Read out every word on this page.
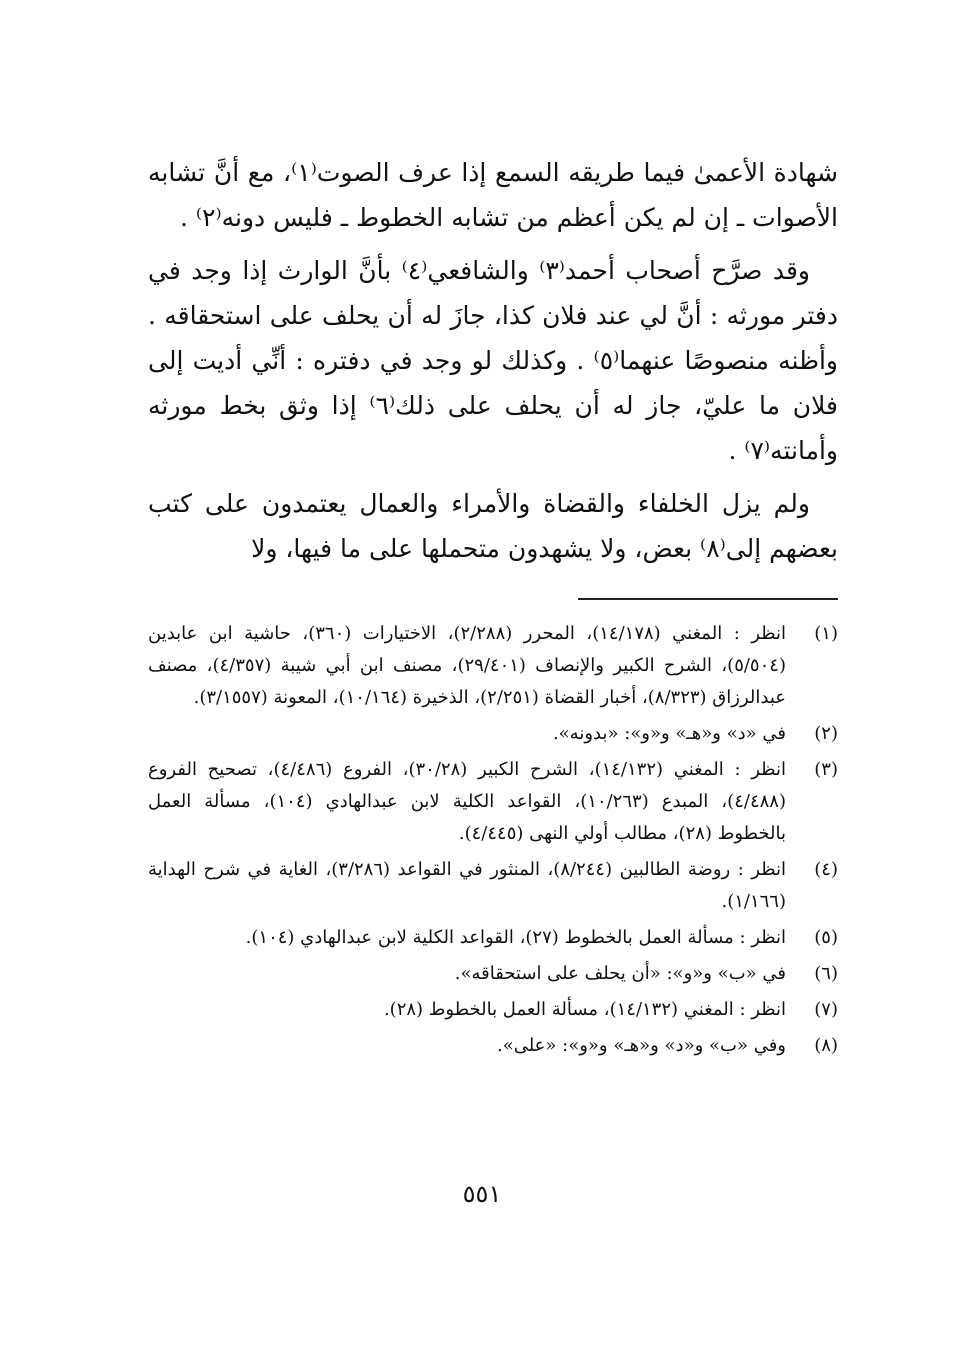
شهادة الأعمىٰ فيما طريقه السمع إذا عرف الصوت⁽١⁾، مع أنَّ تشابه الأصوات ـ إن لم يكن أعظم من تشابه الخطوط ـ فليس دونه⁽٢⁾ .

وقد صرَّح أصحاب أحمد⁽٣⁾ والشافعي⁽٤⁾ بأنَّ الوارث إذا وجد في دفتر مورثه : أنَّ لي عند فلان كذا، جازَ له أن يحلف على استحقاقه . وأظنه منصوصًا عنهما⁽٥⁾ . وكذلك لو وجد في دفتره : أنِّي أديت إلى فلان ما عليّ، جاز له أن يحلف على ذلك⁽٦⁾ إذا وثق بخط مورثه وأمانته⁽٧⁾ .

ولم يزل الخلفاء والقضاة والأمراء والعمال يعتمدون على كتب بعضهم إلى⁽٨⁾ بعض، ولا يشهدون متحملها على ما فيها، ولا

(١)
انظر : المغني (١٤/١٧٨)، المحرر (٢/٢٨٨)، الاختيارات (٣٦٠)، حاشية ابن عابدين (٥/٥٠٤)، الشرح الكبير والإنصاف (٢٩/٤٠١)، مصنف ابن أبي شيبة (٤/٣٥٧)، مصنف عبدالرزاق (٨/٣٢٣)، أخبار القضاة (٢/٢٥١)، الذخيرة (١٠/١٦٤)، المعونة (٣/١٥٥٧).
(٢)
في «د» و«هـ» و«و»: «بدونه».
(٣)
انظر : المغني (١٤/١٣٢)، الشرح الكبير (٣٠/٢٨)، الفروع (٤/٤٨٦)، تصحيح الفروع (٤/٤٨٨)، المبدع (١٠/٢٦٣)، القواعد الكلية لابن عبدالهادي (١٠٤)، مسألة العمل بالخطوط (٢٨)، مطالب أولي النهى (٤/٤٤٥).
(٤)
انظر : روضة الطالبين (٨/٢٤٤)، المنثور في القواعد (٣/٢٨٦)، الغاية في شرح الهداية (١/١٦٦).
(٥)
انظر : مسألة العمل بالخطوط (٢٧)، القواعد الكلية لابن عبدالهادي (١٠٤).
(٦)
في «ب» و«و»: «أن يحلف على استحقاقه».
(٧)
انظر : المغني (١٤/١٣٢)، مسألة العمل بالخطوط (٢٨).
(٨)
وفي «ب» و«د» و«هـ» و«و»: «على».
٥٥١
